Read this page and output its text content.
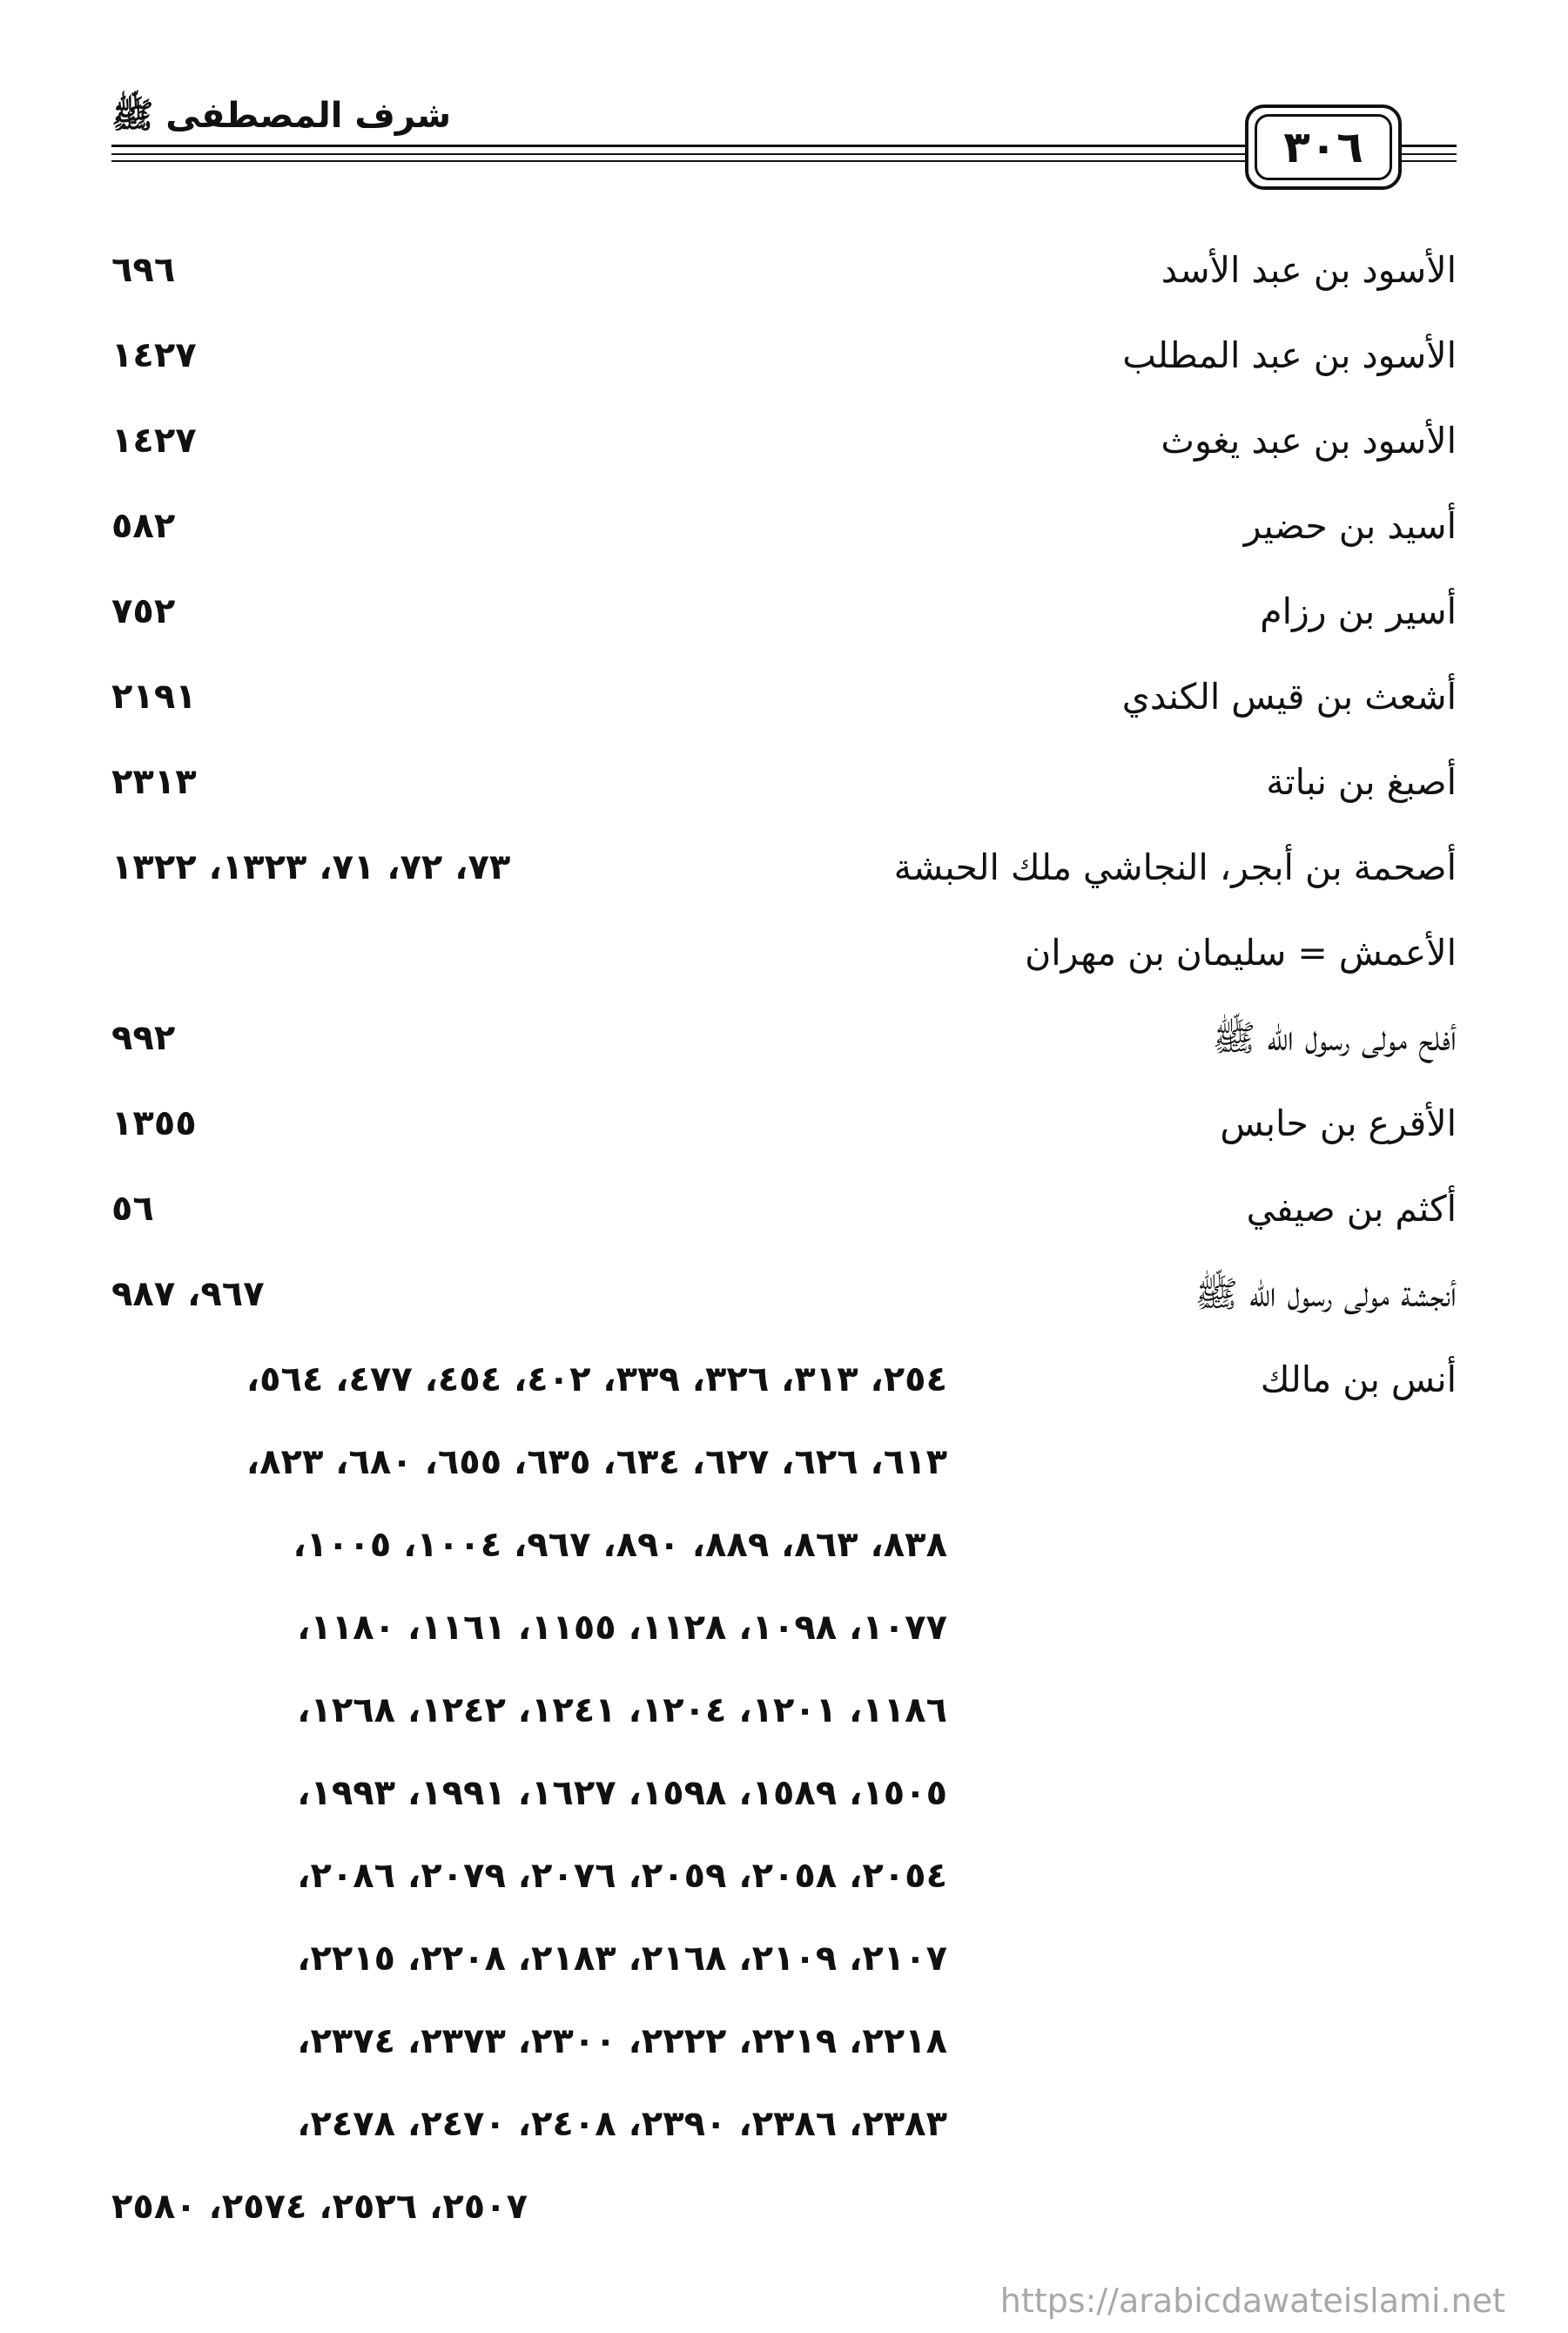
شرف المصطفى ﷺ
٣٠٦
الأسود بن عبد الأسد
٦٩٦
الأسود بن عبد المطلب
١٤٢٧
الأسود بن عبد يغوث
١٤٢٧
أسيد بن حضير
٥٨٢
أسير بن رزام
٧٥٢
أشعث بن قيس الكندي
٢١٩١
أصبغ بن نباتة
٢٣١٣
أصحمة بن أبجر، النجاشي ملك الحبشة
٧٣، ٧٢، ٧١، ١٣٢٣، ١٣٢٢
الأعمش = سليمان بن مهران
أفلح مولى رسول الله ﷺ
٩٩٢
الأقرع بن حابس
١٣٥٥
أكثم بن صيفي
٥٦
أنجشة مولى رسول الله ﷺ
٩٦٧، ٩٨٧
أنس بن مالك
٢٥٤، ٣١٣، ٣٢٦، ٣٣٩، ٤٠٢، ٤٥٤، ٤٧٧، ٥٦٤،
٦١٣، ٦٢٦، ٦٢٧، ٦٣٤، ٦٣٥، ٦٥٥، ٦٨٠، ٨٢٣،
٨٣٨، ٨٦٣، ٨٨٩، ٨٩٠، ٩٦٧، ١٠٠٤، ١٠٠٥،
١٠٧٧، ١٠٩٨، ١١٢٨، ١١٥٥، ١١٦١، ١١٨٠،
١١٨٦، ١٢٠١، ١٢٠٤، ١٢٤١، ١٢٤٢، ١٢٦٨،
١٥٠٥، ١٥٨٩، ١٥٩٨، ١٦٢٧، ١٩٩١، ١٩٩٣،
٢٠٥٤، ٢٠٥٨، ٢٠٥٩، ٢٠٧٦، ٢٠٧٩، ٢٠٨٦،
٢١٠٧، ٢١٠٩، ٢١٦٨، ٢١٨٣، ٢٢٠٨، ٢٢١٥،
٢٢١٨، ٢٢١٩، ٢٢٢٢، ٢٣٠٠، ٢٣٧٣، ٢٣٧٤،
٢٣٨٣، ٢٣٨٦، ٢٣٩٠، ٢٤٠٨، ٢٤٧٠، ٢٤٧٨،
٢٥٠٧، ٢٥٢٦، ٢٥٧٤، ٢٥٨٠
https://arabicdawateislami.net
